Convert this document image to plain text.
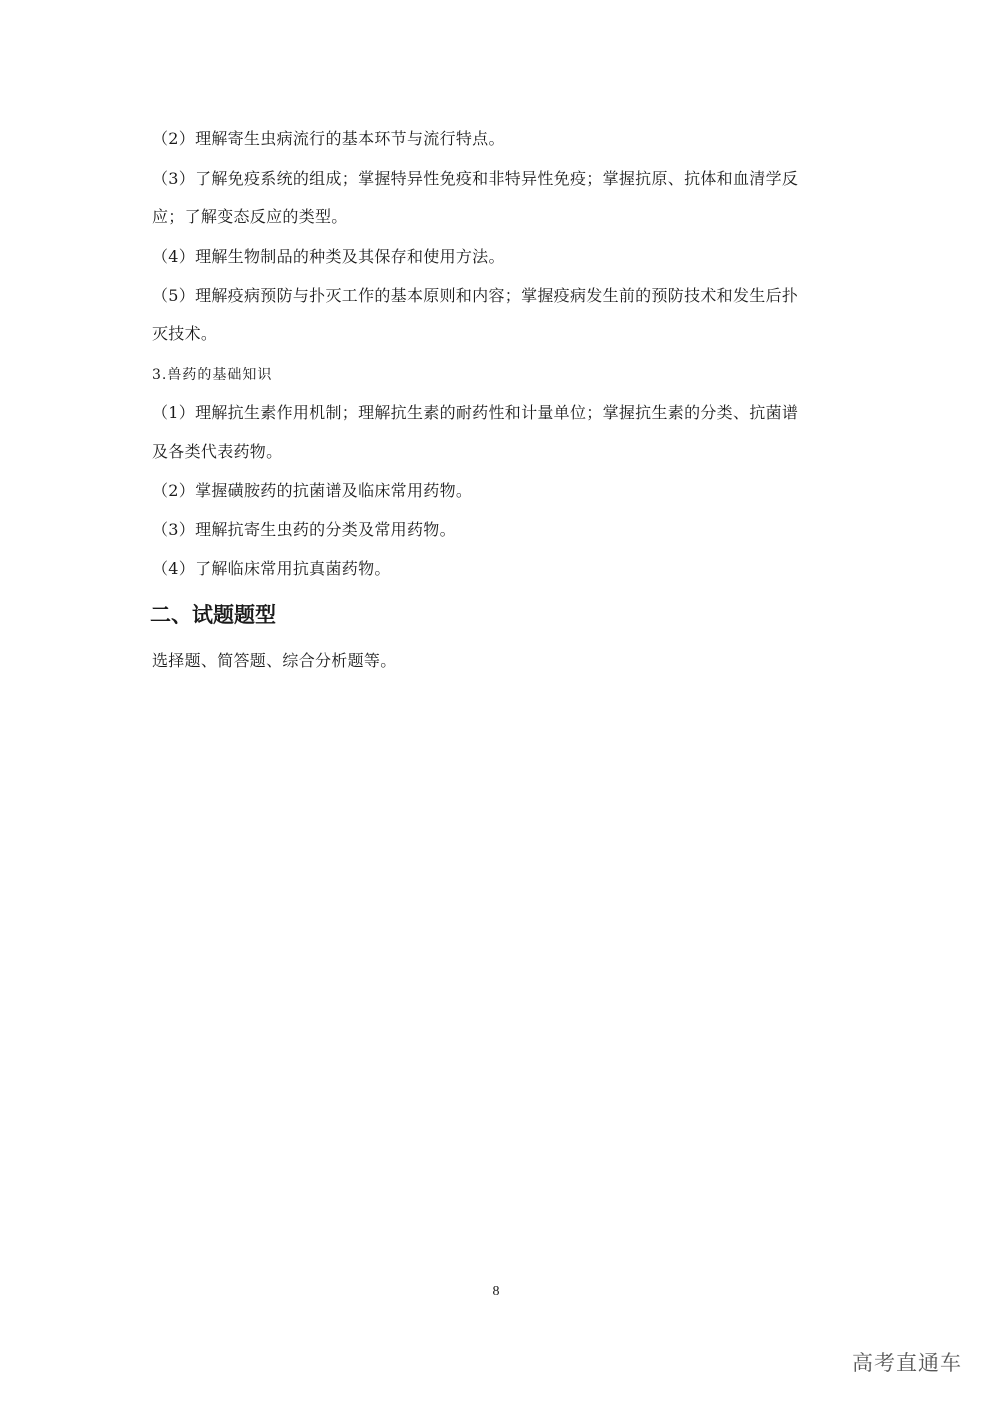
（2）理解寄生虫病流行的基本环节与流行特点。
（3）了解免疫系统的组成；掌握特异性免疫和非特异性免疫；掌握抗原、抗体和血清学反
应；了解变态反应的类型。
（4）理解生物制品的种类及其保存和使用方法。
（5）理解疫病预防与扑灭工作的基本原则和内容；掌握疫病发生前的预防技术和发生后扑
灭技术。
3.兽药的基础知识
（1）理解抗生素作用机制；理解抗生素的耐药性和计量单位；掌握抗生素的分类、抗菌谱
及各类代表药物。
（2）掌握磺胺药的抗菌谱及临床常用药物。
（3）理解抗寄生虫药的分类及常用药物。
（4）了解临床常用抗真菌药物。
二、试题题型
选择题、简答题、综合分析题等。
8
高考直通车
